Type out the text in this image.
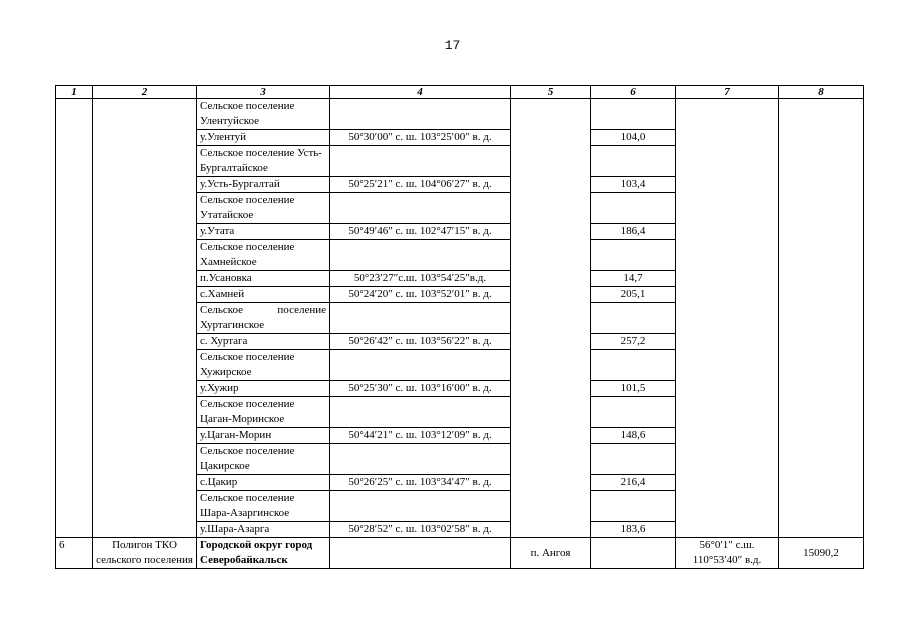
17
1	2	3	4	5	6	7	8
		Сельское поселение Улентуйское					
		у.Улентуй	50°30′00″ с. ш. 103°25′00″ в. д.		104,0		
		Сельское поселение Усть-Бургалтайское					
		у.Усть-Бургалтай	50°25′21″ с. ш. 104°06′27″ в. д.		103,4		
		Сельское поселение Утатайское					
		у.Утата	50°49′46″ с. ш. 102°47′15″ в. д.		186,4		
		Сельское поселение Хамнейское					
		п.Усановка	50°23′27″с.ш. 103°54′25″в.д.		14,7		
		с.Хамней	50°24′20″ с. ш. 103°52′01″ в. д.		205,1		
		Сельское поселение Хуртагинское					
		с. Хуртага	50°26′42″ с. ш. 103°56′22″ в. д.		257,2		
		Сельское поселение Хужирское					
		у.Хужир	50°25′30″ с. ш. 103°16′00″ в. д.		101,5		
		Сельское поселение Цаган-Моринское					
		у.Цаган-Морин	50°44′21″ с. ш. 103°12′09″ в. д.		148,6		
		Сельское поселение Цакирское					
		с.Цакир	50°26′25″ с. ш. 103°34′47″ в. д.		216,4		
		Сельское поселение Шара-Азаргинское					
		у.Шара-Азарга	50°28′52″ с. ш. 103°02′58″ в. д.		183,6		
6	Полигон ТКО сельского поселения	Городской округ город Северобайкальск		п. Ангоя		56°0′1″ с.ш. 110°53′40″ в.д.	15090,2
